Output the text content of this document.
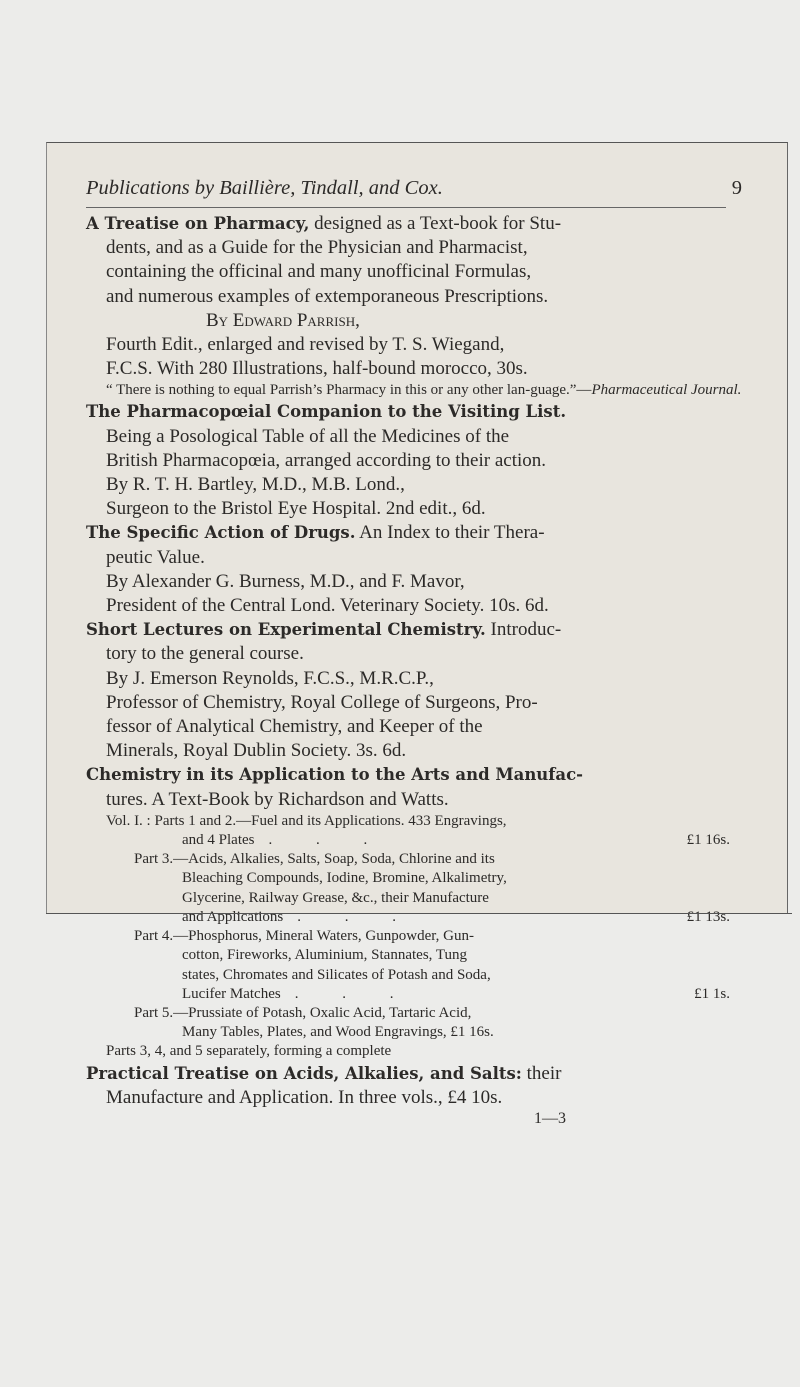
Publications by Baillière, Tindall, and Cox.	9

A Treatise on Pharmacy, designed as a Text-book for Stu-

dents, and as a Guide for the Physician and Pharmacist,

containing the officinal and many unofficinal Formulas,

and numerous examples of extemporaneous Prescriptions.

By Edward Parrish,

Fourth Edit., enlarged and revised by T. S. Wiegand,

F.C.S. With 280 Illustrations, half-bound morocco, 30s.

“ There is nothing to equal Parrish’s Pharmacy in this or any other lan-guage.”—Pharmaceutical Journal.

The Pharmacopœial Companion to the Visiting List.

Being a Posological Table of all the Medicines of the

British Pharmacopœia, arranged according to their action.

By R. T. H. Bartley, M.D., M.B. Lond.,

Surgeon to the Bristol Eye Hospital. 2nd edit., 6d.

The Specific Action of Drugs. An Index to their Thera-

peutic Value.

By Alexander G. Burness, M.D., and F. Mavor,

President of the Central Lond. Veterinary Society. 10s. 6d.

Short Lectures on Experimental Chemistry. Introduc-

tory to the general course.

By J. Emerson Reynolds, F.C.S., M.R.C.P.,

Professor of Chemistry, Royal College of Surgeons, Pro-

fessor of Analytical Chemistry, and Keeper of the

Minerals, Royal Dublin Society. 3s. 6d.

Chemistry in its Application to the Arts and Manufac-

tures. A Text-Book by Richardson and Watts.

Vol. I. : Parts 1 and 2.—Fuel and its Applications. 433 Engravings,
and 4 Plates . . .	£1 16s.
Part 3.—Acids, Alkalies, Salts, Soap, Soda, Chlorine and its
Bleaching Compounds, Iodine, Bromine, Alkalimetry,
Glycerine, Railway Grease, &c., their Manufacture
and Applications . . .	£1 13s.
Part 4.—Phosphorus, Mineral Waters, Gunpowder, Gun-
cotton, Fireworks, Aluminium, Stannates, Tung
states, Chromates and Silicates of Potash and Soda,
Lucifer Matches . . .	£1 1s.
Part 5.—Prussiate of Potash, Oxalic Acid, Tartaric Acid,
Many Tables, Plates, and Wood Engravings, £1 16s.
Parts 3, 4, and 5 separately, forming a complete

Practical Treatise on Acids, Alkalies, and Salts: their

Manufacture and Application. In three vols., £4 10s.

1—3
